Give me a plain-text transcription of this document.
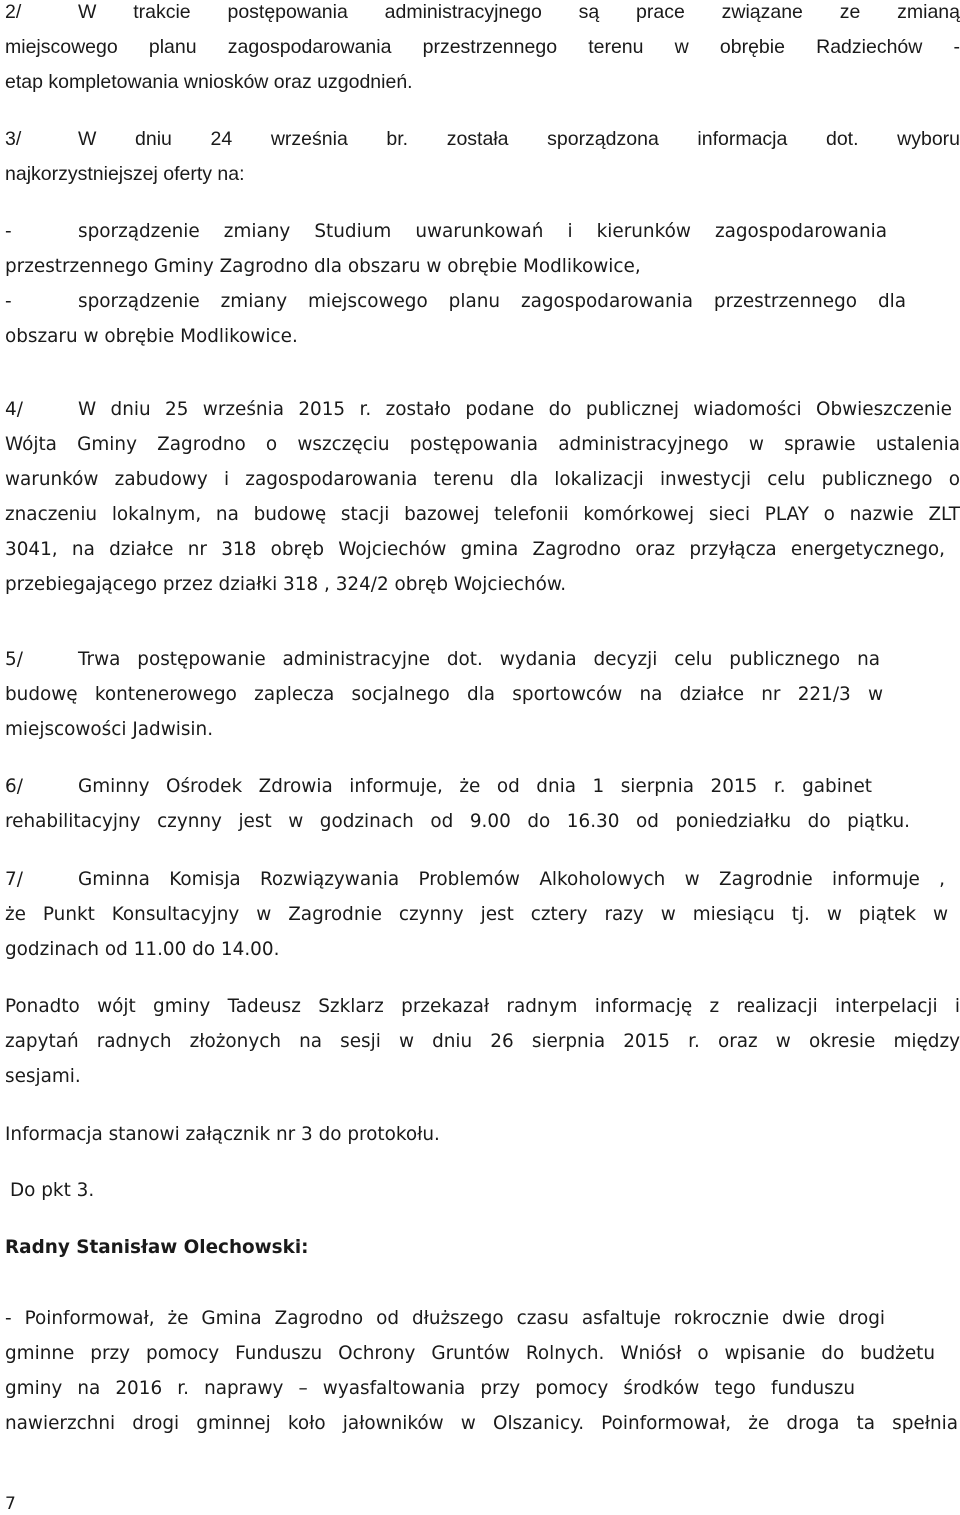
2/	W trakcie postępowania administracyjnego są prace związane ze zmianą
miejscowego planu zagospodarowania przestrzennego terenu w obrębie Radziechów -
etap kompletowania wniosków oraz uzgodnień.
3/	W dniu 24 września br. została sporządzona informacja dot. wyboru
najkorzystniejszej oferty na:
-	sporządzenie zmiany Studium uwarunkowań i kierunków zagospodarowania
przestrzennego Gminy Zagrodno dla obszaru w obrębie Modlikowice,
-	sporządzenie zmiany miejscowego planu zagospodarowania przestrzennego dla
obszaru w obrębie Modlikowice.
4/	W dniu 25 września 2015 r. zostało podane do publicznej wiadomości Obwieszczenie
Wójta Gminy Zagrodno o wszczęciu postępowania administracyjnego w sprawie ustalenia
warunków zabudowy i zagospodarowania terenu dla lokalizacji inwestycji celu publicznego o
znaczeniu lokalnym, na budowę stacji bazowej telefonii komórkowej sieci PLAY o nazwie ZLT
3041, na działce nr 318 obręb Wojciechów gmina Zagrodno oraz przyłącza energetycznego,
przebiegającego przez działki 318 , 324/2 obręb Wojciechów.
5/	Trwa postępowanie administracyjne dot. wydania decyzji celu publicznego na
budowę kontenerowego zaplecza socjalnego dla sportowców na działce nr 221/3 w
miejscowości Jadwisin.
6/	Gminny Ośrodek Zdrowia informuje, że od dnia 1 sierpnia 2015 r. gabinet
rehabilitacyjny czynny jest w godzinach od 9.00 do 16.30 od poniedziałku do piątku.
7/	Gminna Komisja Rozwiązywania Problemów Alkoholowych w Zagrodnie informuje ,
że Punkt Konsultacyjny w Zagrodnie czynny jest cztery razy w miesiącu tj. w piątek w
godzinach od 11.00 do 14.00.
Ponadto wójt gminy Tadeusz Szklarz przekazał radnym informację z realizacji interpelacji i
zapytań radnych złożonych na sesji w dniu 26 sierpnia 2015 r. oraz w okresie między
sesjami.
Informacja stanowi załącznik nr 3 do protokołu.
Do pkt 3.
Radny Stanisław Olechowski:
- Poinformował, że Gmina Zagrodno od dłuższego czasu asfaltuje rokrocznie dwie drogi
gminne przy pomocy Funduszu Ochrony Gruntów Rolnych. Wniósł o wpisanie do budżetu
gminy na 2016 r. naprawy – wyasfaltowania przy pomocy środków tego funduszu
nawierzchni drogi gminnej koło jałowników w Olszanicy. Poinformował, że droga ta spełnia
7
